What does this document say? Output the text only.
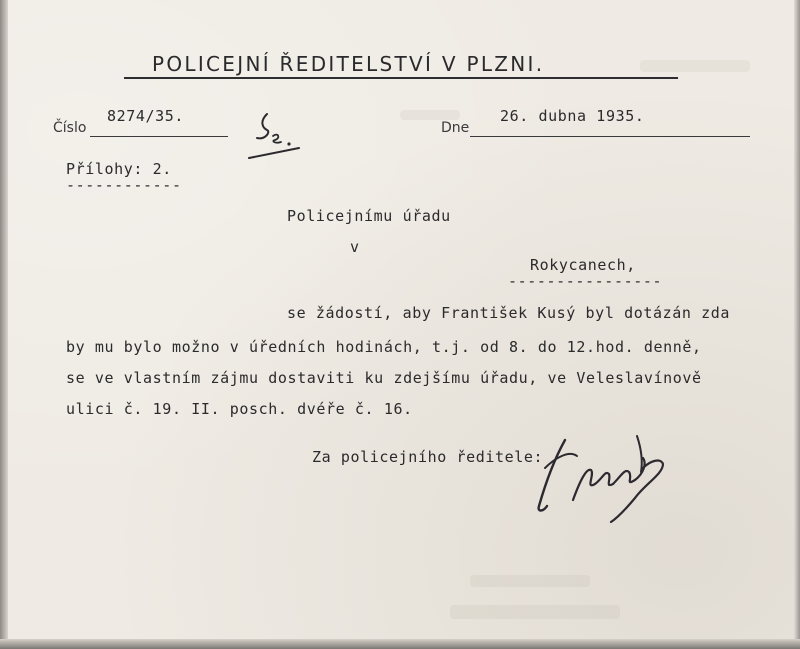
POLICEJNÍ ŘEDITELSTVÍ V PLZNI.
Číslo
8274/35.
Dne
26. dubna 1935.
Přílohy: 2.
------------
Policejnímu úřadu
v
Rokycanech,
----------------
se žádostí, aby František Kusý byl dotázán zda
by mu bylo možno v úředních hodinách, t.j. od 8. do 12.hod. denně,
se ve vlastním zájmu dostaviti ku zdejšímu úřadu, ve Veleslavínově
ulici č. 19. II. posch. dvéře č. 16.
Za policejního ředitele:
